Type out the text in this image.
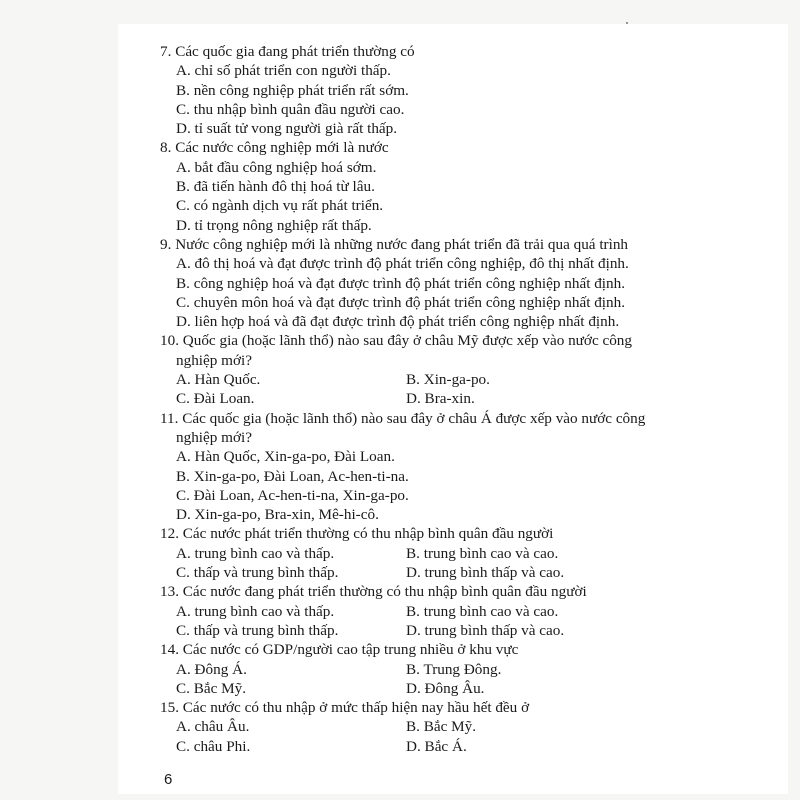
7. Các quốc gia đang phát triển thường có
A. chỉ số phát triển con người thấp.
B. nền công nghiệp phát triển rất sớm.
C. thu nhập bình quân đầu người cao.
D. tỉ suất tử vong người già rất thấp.
8. Các nước công nghiệp mới là nước
A. bắt đầu công nghiệp hoá sớm.
B. đã tiến hành đô thị hoá từ lâu.
C. có ngành dịch vụ rất phát triển.
D. tỉ trọng nông nghiệp rất thấp.
9. Nước công nghiệp mới là những nước đang phát triển đã trải qua quá trình
A. đô thị hoá và đạt được trình độ phát triển công nghiệp, đô thị nhất định.
B. công nghiệp hoá và đạt được trình độ phát triển công nghiệp nhất định.
C. chuyên môn hoá và đạt được trình độ phát triển công nghiệp nhất định.
D. liên hợp hoá và đã đạt được trình độ phát triển công nghiệp nhất định.
10. Quốc gia (hoặc lãnh thổ) nào sau đây ở châu Mỹ được xếp vào nước công
nghiệp mới?
A. Hàn Quốc.	B. Xin-ga-po.
C. Đài Loan.	D. Bra-xin.
11. Các quốc gia (hoặc lãnh thổ) nào sau đây ở châu Á được xếp vào nước công
nghiệp mới?
A. Hàn Quốc, Xin-ga-po, Đài Loan.
B. Xin-ga-po, Đài Loan, Ac-hen-ti-na.
C. Đài Loan, Ac-hen-ti-na, Xin-ga-po.
D. Xin-ga-po, Bra-xin, Mê-hi-cô.
12. Các nước phát triển thường có thu nhập bình quân đầu người
A. trung bình cao và thấp.	B. trung bình cao và cao.
C. thấp và trung bình thấp.	D. trung bình thấp và cao.
13. Các nước đang phát triển thường có thu nhập bình quân đầu người
A. trung bình cao và thấp.	B. trung bình cao và cao.
C. thấp và trung bình thấp.	D. trung bình thấp và cao.
14. Các nước có GDP/người cao tập trung nhiều ở khu vực
A. Đông Á.	B. Trung Đông.
C. Bắc Mỹ.	D. Đông Âu.
15. Các nước có thu nhập ở mức thấp hiện nay hầu hết đều ở
A. châu Âu.	B. Bắc Mỹ.
C. châu Phi.	D. Bắc Á.
6
